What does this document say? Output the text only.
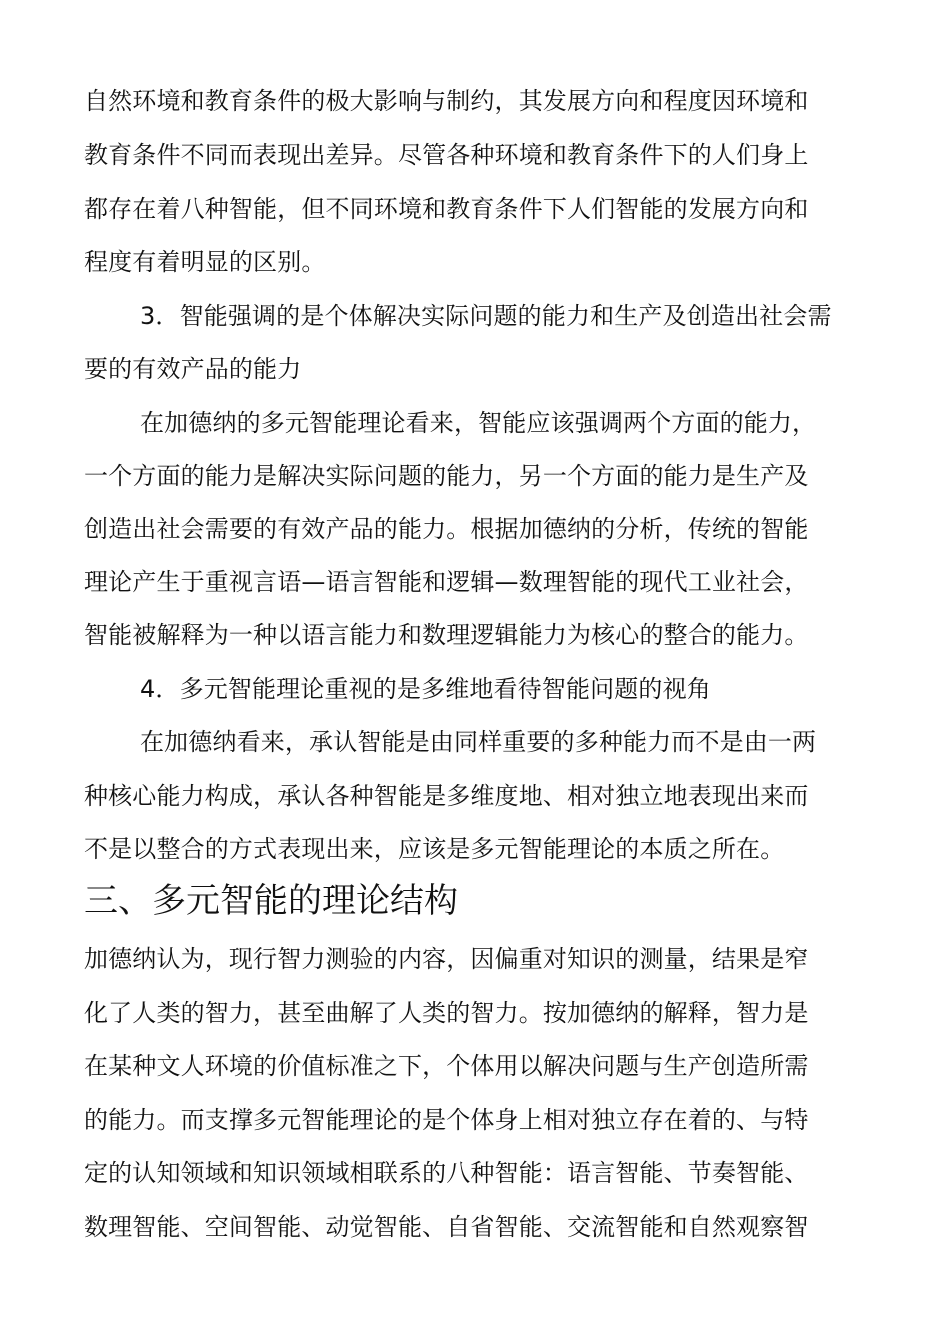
自然环境和教育条件的极大影响与制约，其发展方向和程度因环境和
教育条件不同而表现出差异。尽管各种环境和教育条件下的人们身上
都存在着八种智能，但不同环境和教育条件下人们智能的发展方向和
程度有着明显的区别。
3．智能强调的是个体解决实际问题的能力和生产及创造出社会需
要的有效产品的能力
在加德纳的多元智能理论看来，智能应该强调两个方面的能力，
一个方面的能力是解决实际问题的能力，另一个方面的能力是生产及
创造出社会需要的有效产品的能力。根据加德纳的分析，传统的智能
理论产生于重视言语—语言智能和逻辑—数理智能的现代工业社会，
智能被解释为一种以语言能力和数理逻辑能力为核心的整合的能力。
4．多元智能理论重视的是多维地看待智能问题的视角
在加德纳看来，承认智能是由同样重要的多种能力而不是由一两
种核心能力构成，承认各种智能是多维度地、相对独立地表现出来而
不是以整合的方式表现出来，应该是多元智能理论的本质之所在。
三、多元智能的理论结构
加德纳认为，现行智力测验的内容，因偏重对知识的测量，结果是窄
化了人类的智力，甚至曲解了人类的智力。按加德纳的解释，智力是
在某种文人环境的价值标准之下，个体用以解决问题与生产创造所需
的能力。而支撑多元智能理论的是个体身上相对独立存在着的、与特
定的认知领域和知识领域相联系的八种智能：语言智能、节奏智能、
数理智能、空间智能、动觉智能、自省智能、交流智能和自然观察智
